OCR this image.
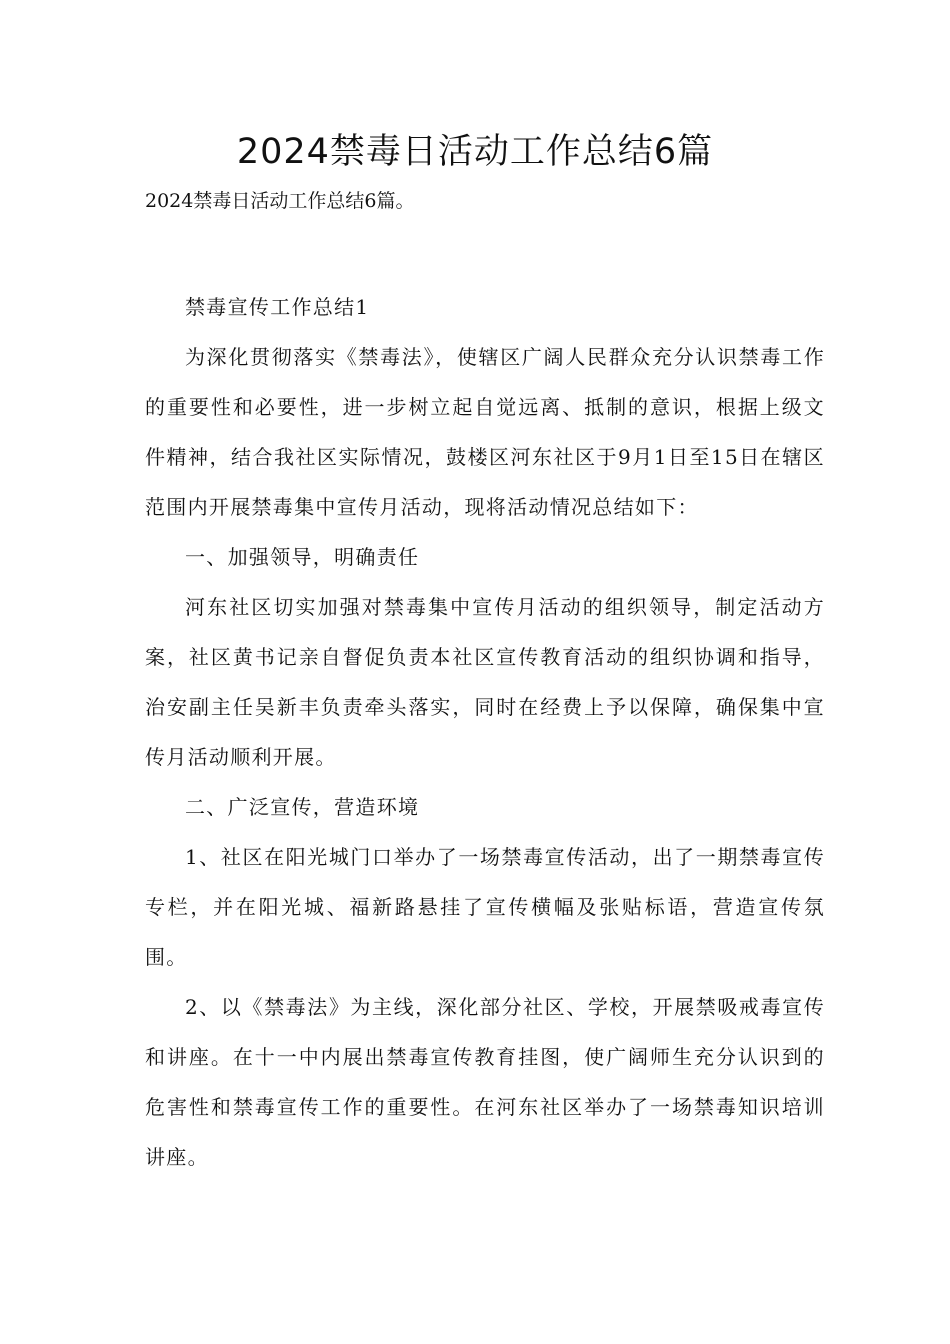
2024禁毒日活动工作总结6篇

2024禁毒日活动工作总结6篇。

禁毒宣传工作总结1

为深化贯彻落实《禁毒法》，使辖区广阔人民群众充分认识禁毒工作的重要性和必要性，进一步树立起自觉远离、抵制的意识，根据上级文件精神，结合我社区实际情况，鼓楼区河东社区于9月1日至15日在辖区范围内开展禁毒集中宣传月活动，现将活动情况总结如下：

一、加强领导，明确责任

河东社区切实加强对禁毒集中宣传月活动的组织领导，制定活动方案，社区黄书记亲自督促负责本社区宣传教育活动的组织协调和指导，治安副主任吴新丰负责牵头落实，同时在经费上予以保障，确保集中宣传月活动顺利开展。

二、广泛宣传，营造环境

1、社区在阳光城门口举办了一场禁毒宣传活动，出了一期禁毒宣传专栏，并在阳光城、福新路悬挂了宣传横幅及张贴标语，营造宣传氛围。

2、以《禁毒法》为主线，深化部分社区、学校，开展禁吸戒毒宣传和讲座。在十一中内展出禁毒宣传教育挂图，使广阔师生充分认识到的危害性和禁毒宣传工作的重要性。在河东社区举办了一场禁毒知识培训讲座。
